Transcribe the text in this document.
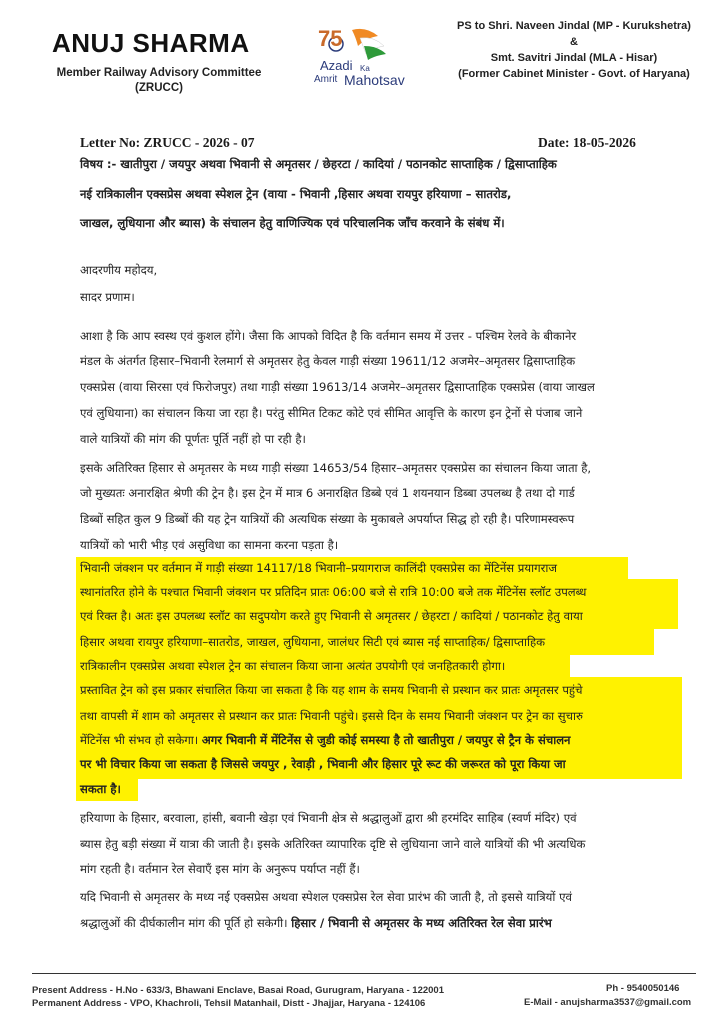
ANUJ SHARMA
Member Railway Advisory Committee
(ZRUCC)
75
Azadi Ka
Amrit Mahotsav
PS to Shri. Naveen Jindal (MP - Kurukshetra)
&
Smt. Savitri Jindal (MLA - Hisar)
(Former Cabinet Minister - Govt. of Haryana)
Letter No: ZRUCC - 2026 - 07	Date: 18-05-2026
विषय :- खातीपुरा / जयपुर अथवा भिवानी से अमृतसर / छेहरटा / कादियां / पठानकोट साप्ताहिक / द्विसाप्ताहिक
नई रात्रिकालीन एक्सप्रेस अथवा स्पेशल ट्रेन (वाया - भिवानी ,हिसार अथवा रायपुर हरियाणा – सातरोड,
जाखल, लुधियाना और ब्यास) के संचालन हेतु वाणिज्यिक एवं परिचालनिक जाँच करवाने के संबंध में।
आदरणीय महोदय,
सादर प्रणाम।
आशा है कि आप स्वस्थ एवं कुशल होंगे। जैसा कि आपको विदित है कि वर्तमान समय में उत्तर - पश्चिम रेलवे के बीकानेर
मंडल के अंतर्गत हिसार–भिवानी रेलमार्ग से अमृतसर हेतु केवल गाड़ी संख्या 19611/12 अजमेर–अमृतसर द्विसाप्ताहिक
एक्सप्रेस (वाया सिरसा एवं फिरोजपुर) तथा गाड़ी संख्या 19613/14 अजमेर–अमृतसर द्विसाप्ताहिक एक्सप्रेस (वाया जाखल
एवं लुधियाना) का संचालन किया जा रहा है। परंतु सीमित टिकट कोटे एवं सीमित आवृत्ति के कारण इन ट्रेनों से पंजाब जाने
वाले यात्रियों की मांग की पूर्णतः पूर्ति नहीं हो पा रही है।
इसके अतिरिक्त हिसार से अमृतसर के मध्य गाड़ी संख्या 14653/54 हिसार–अमृतसर एक्सप्रेस का संचालन किया जाता है,
जो मुख्यतः अनारक्षित श्रेणी की ट्रेन है। इस ट्रेन में मात्र 6 अनारक्षित डिब्बे एवं 1 शयनयान डिब्बा उपलब्ध है तथा दो गार्ड
डिब्बों सहित कुल 9 डिब्बों की यह ट्रेन यात्रियों की अत्यधिक संख्या के मुकाबले अपर्याप्त सिद्ध हो रही है। परिणामस्वरूप
यात्रियों को भारी भीड़ एवं असुविधा का सामना करना पड़ता है।
भिवानी जंक्शन पर वर्तमान में गाड़ी संख्या 14117/18 भिवानी–प्रयागराज कालिंदी एक्सप्रेस का मेंटिनेंस प्रयागराज
स्थानांतरित होने के पश्चात भिवानी जंक्शन पर प्रतिदिन प्रातः 06:00 बजे से रात्रि 10:00 बजे तक मेंटिनेंस स्लॉट उपलब्ध
एवं रिक्त है। अतः इस उपलब्ध स्लॉट का सदुपयोग करते हुए भिवानी से अमृतसर / छेहरटा / कादियां / पठानकोट हेतु वाया
हिसार अथवा रायपुर हरियाणा–सातरोड, जाखल, लुधियाना, जालंधर सिटी एवं ब्यास नई साप्ताहिक/ द्विसाप्ताहिक
रात्रिकालीन एक्सप्रेस अथवा स्पेशल ट्रेन का संचालन किया जाना अत्यंत उपयोगी एवं जनहितकारी होगा।
प्रस्तावित ट्रेन को इस प्रकार संचालित किया जा सकता है कि यह शाम के समय भिवानी से प्रस्थान कर प्रातः अमृतसर पहुंचे
तथा वापसी में शाम को अमृतसर से प्रस्थान कर प्रातः भिवानी पहुंचे। इससे दिन के समय भिवानी जंक्शन पर ट्रेन का सुचारु
मेंटिनेंस भी संभव हो सकेगा। अगर भिवानी में मेंटिनेंस से जुडी कोई समस्या है तो खातीपुरा / जयपुर से ट्रैन के संचालन
पर भी विचार किया जा सकता है जिससे जयपुर , रेवाड़ी , भिवानी और हिसार पूरे रूट की जरूरत को पूरा किया जा
सकता है।
हरियाणा के हिसार, बरवाला, हांसी, बवानी खेड़ा एवं भिवानी क्षेत्र से श्रद्धालुओं द्वारा श्री हरमंदिर साहिब (स्वर्ण मंदिर) एवं
ब्यास हेतु बड़ी संख्या में यात्रा की जाती है। इसके अतिरिक्त व्यापारिक दृष्टि से लुधियाना जाने वाले यात्रियों की भी अत्यधिक
मांग रहती है। वर्तमान रेल सेवाएँ इस मांग के अनुरूप पर्याप्त नहीं हैं।
यदि भिवानी से अमृतसर के मध्य नई एक्सप्रेस अथवा स्पेशल एक्सप्रेस रेल सेवा प्रारंभ की जाती है, तो इससे यात्रियों एवं
श्रद्धालुओं की दीर्घकालीन मांग की पूर्ति हो सकेगी। हिसार / भिवानी से अमृतसर के मध्य अतिरिक्त रेल सेवा प्रारंभ
Present Address - H.No - 633/3, Bhawani Enclave, Basai Road, Gurugram, Haryana - 122001
Permanent Address - VPO, Khachroli, Tehsil Matanhail, Distt - Jhajjar, Haryana - 124106
Ph - 9540050146
E-Mail - anujsharma3537@gmail.com
